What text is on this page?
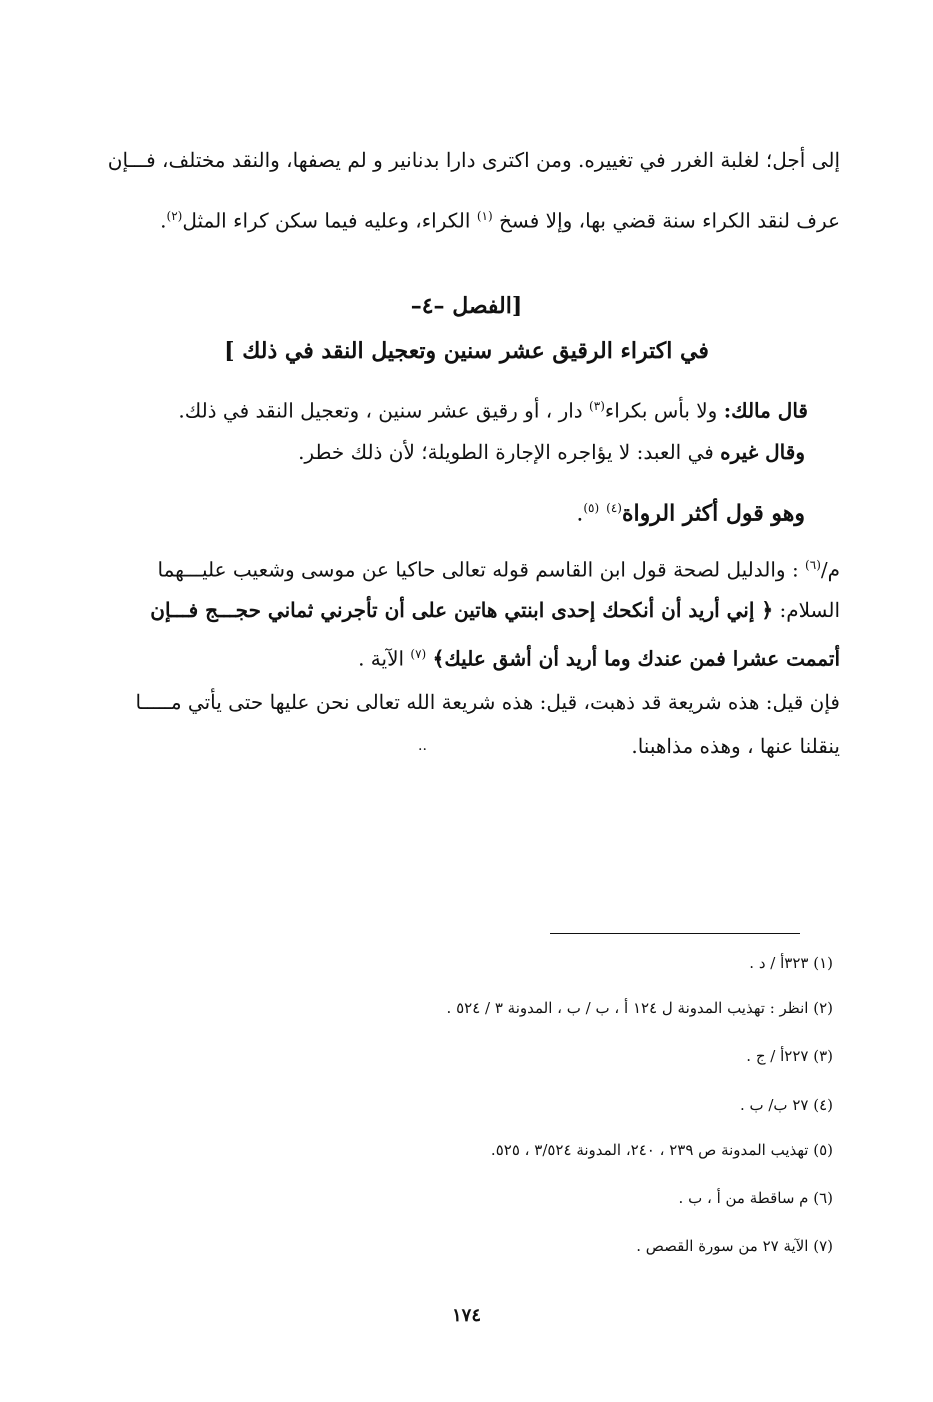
إلى أجل؛ لغلبة الغرر في تغييره. ومن اكترى دارا بدنانير و لم يصفها، والنقد مختلف، فـــإن
عرف لنقد الكراء سنة قضي بها، وإلا فسخ $^{(١)}$ الكراء، وعليه فيما سكن كراء المثل$^{(٢)}$.
[الفصل –٤–
في اكتراء الرقيق عشر سنين وتعجيل النقد في ذلك ]
قال مالك: ولا بأس بكراء$^{(٣)}$ دار ، أو رقيق عشر سنين ، وتعجيل النقد في ذلك.
وقال غيره في العبد: لا يؤاجره الإجارة الطويلة؛ لأن ذلك خطر.
وهو قول أكثر الرواة$^{(٤)}$ $^{(٥)}$.
م/$^{(٦)}$ : والدليل لصحة قول ابن القاسم قوله تعالى حاكيا عن موسى وشعيب عليـــهما
السلام: ﴿ إني أريد أن أنكحك إحدى ابنتي هاتين على أن تأجرني ثماني حجـــج فـــإن
أتممت عشرا فمن عندك وما أريد أن أشق عليك﴾ $^{(٧)}$ الآية .
فإن قيل: هذه شريعة قد ذهبت، قيل: هذه شريعة الله تعالى نحن عليها حتى يأتي مـــــا
ينقلنا عنها ، وهذه مذاهبنا.
..
(١) ٣٢٣أ / د .
(٢) انظر : تهذيب المدونة ل ١٢٤ أ ، ب / ب ، المدونة ٣ / ٥٢٤ .
(٣) ٢٢٧أ / ج .
(٤) ٢٧ ب/ ب .
(٥) تهذيب المدونة ص ٢٣٩ ، ٢٤٠، المدونة ٣/٥٢٤ ، ٥٢٥.
(٦) م ساقطة من أ ، ب .
(٧) الآية ٢٧ من سورة القصص .
١٧٤
